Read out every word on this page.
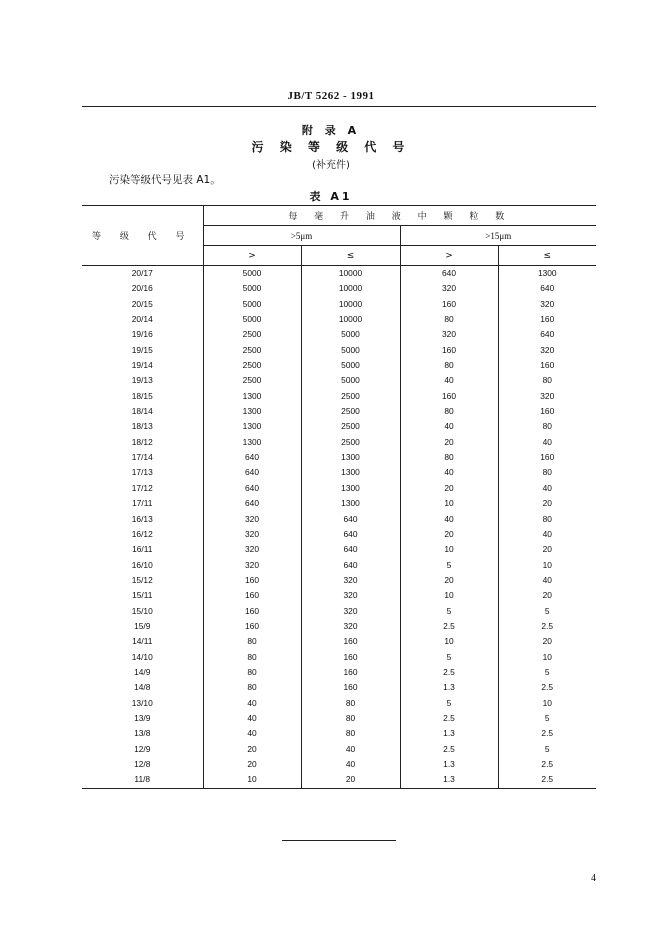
JB/T 5262 - 1991
附 录 A
污 染 等 级 代 号
(补充件)
污染等级代号见表 A1。
表 A1
等 级 代 号	每 毫 升 油 液 中 颗 粒 数			
	>5μm		>15μm	
	>	≤	>	≤
20/17	5000	10000	640	1300
20/16	5000	10000	320	640
20/15	5000	10000	160	320
20/14	5000	10000	80	160
19/16	2500	5000	320	640
19/15	2500	5000	160	320
19/14	2500	5000	80	160
19/13	2500	5000	40	80
18/15	1300	2500	160	320
18/14	1300	2500	80	160
18/13	1300	2500	40	80
18/12	1300	2500	20	40
17/14	640	1300	80	160
17/13	640	1300	40	80
17/12	640	1300	20	40
17/11	640	1300	10	20
16/13	320	640	40	80
16/12	320	640	20	40
16/11	320	640	10	20
16/10	320	640	5	10
15/12	160	320	20	40
15/11	160	320	10	20
15/10	160	320	5	5
15/9	160	320	2.5	2.5
14/11	80	160	10	20
14/10	80	160	5	10
14/9	80	160	2.5	5
14/8	80	160	1.3	2.5
13/10	40	80	5	10
13/9	40	80	2.5	5
13/8	40	80	1.3	2.5
12/9	20	40	2.5	5
12/8	20	40	1.3	2.5
11/8	10	20	1.3	2.5
4
